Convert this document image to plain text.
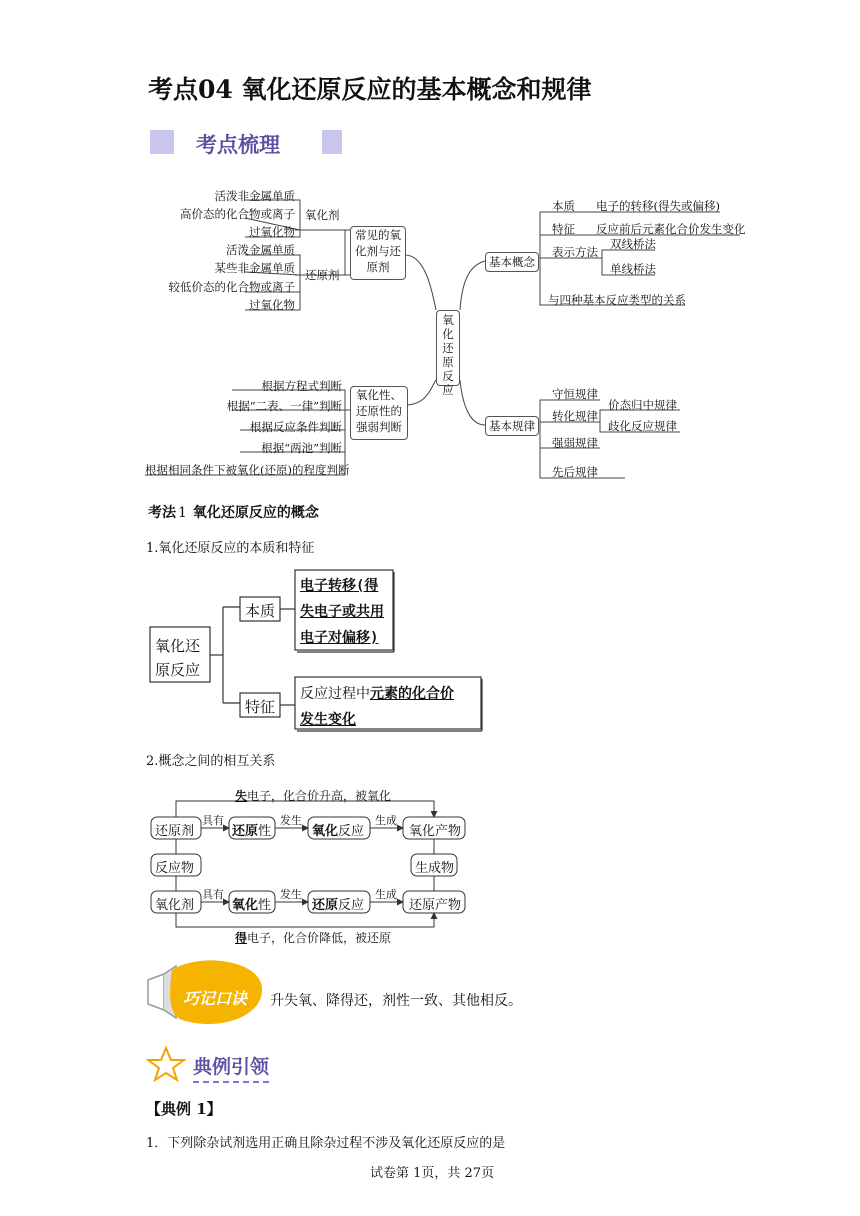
考点04 氧化还原反应的基本概念和规律
考点梳理
氧化还原反应
常见的氧化剂与还原剂
氧化剂
还原剂
活泼非金属单质
高价态的化合物或离子
过氧化物
活泼金属单质
某些非金属单质
较低价态的化合物或离子
过氧化物
氧化性、还原性的强弱判断
根据方程式判断
根据“二表、一律”判断
根据反应条件判断
根据“两池”判断
根据相同条件下被氧化(还原)的程度判断
基本概念
本质 电子的转移(得失或偏移)
特征 反应前后元素化合价发生变化
表示方法
双线桥法
单线桥法
与四种基本反应类型的关系
基本规律
守恒规律
转化规律
强弱规律
先后规律
价态归中规律
歧化反应规律
考法 1 氧化还原反应的概念
1.氧化还原反应的本质和特征
氧化还
原反应
本质
特征
电子转移(得
失电子或共用
电子对偏移)
反应过程中元素的化合价
发生变化
2.概念之间的相互关系
失电子，化合价升高，被氧化
得电子，化合价降低，被还原
还原剂
具有
还原性
发生
氧化反应
生成
氧化产物
反应物	生成物
氧化剂
具有
氧化性
发生
还原反应
生成
还原产物
巧记口诀 升失氧、降得还，剂性一致、其他相反。
典例引领
【典例 1】
1．下列除杂试剂选用正确且除杂过程不涉及氧化还原反应的是
试卷第 1页，共 27页
